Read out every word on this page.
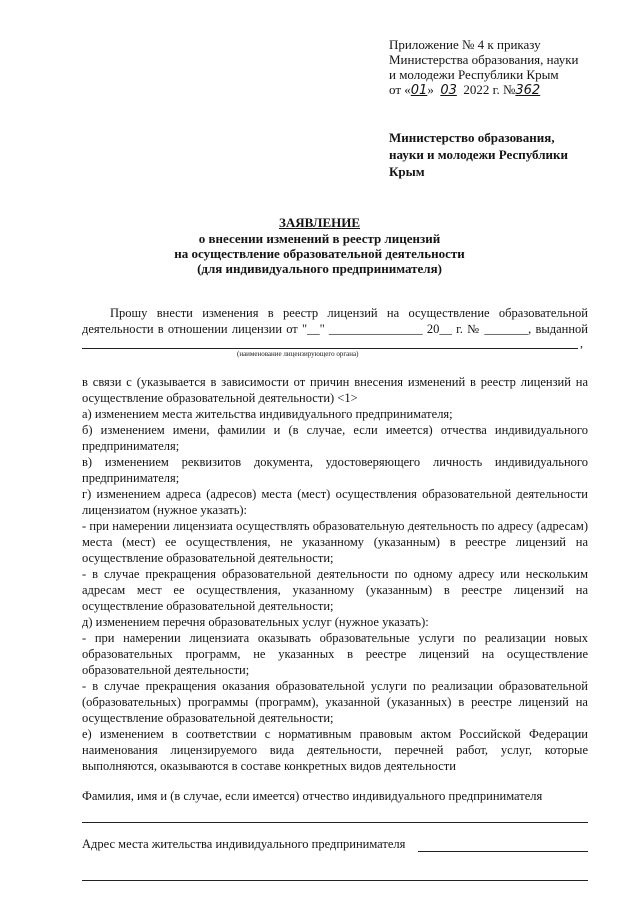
Приложение № 4 к приказу
Министерства образования, науки
и молодежи Республики Крым
от «01» 03 2022 г. №362
Министерство образования,
науки и молодежи Республики
Крым
ЗАЯВЛЕНИЕ
о внесении изменений в реестр лицензий
на осуществление образовательной деятельности
(для индивидуального предпринимателя)
Прошу внести изменения в реестр лицензий на осуществление образовательной
деятельности в отношении лицензии от "__" _______________ 20__ г. № _______, выданной
,
(наименование лицензирующего органа)
в связи с (указывается в зависимости от причин внесения изменений в реестр лицензий на
осуществление образовательной деятельности) <1>
а) изменением места жительства индивидуального предпринимателя;
б) изменением имени, фамилии и (в случае, если имеется) отчества индивидуального
предпринимателя;
в) изменением реквизитов документа, удостоверяющего личность индивидуального
предпринимателя;
г) изменением адреса (адресов) места (мест) осуществления образовательной деятельности
лицензиатом (нужное указать):
- при намерении лицензиата осуществлять образовательную деятельность по адресу (адресам)
места (мест) ее осуществления, не указанному (указанным) в реестре лицензий на
осуществление образовательной деятельности;
- в случае прекращения образовательной деятельности по одному адресу или нескольким
адресам мест ее осуществления, указанному (указанным) в реестре лицензий на
осуществление образовательной деятельности;
д) изменением перечня образовательных услуг (нужное указать):
- при намерении лицензиата оказывать образовательные услуги по реализации новых
образовательных программ, не указанных в реестре лицензий на осуществление
образовательной деятельности;
- в случае прекращения оказания образовательной услуги по реализации образовательной
(образовательных) программы (программ), указанной (указанных) в реестре лицензий на
осуществление образовательной деятельности;
е) изменением в соответствии с нормативным правовым актом Российской Федерации
наименования лицензируемого вида деятельности, перечней работ, услуг, которые
выполняются, оказываются в составе конкретных видов деятельности
Фамилия, имя и (в случае, если имеется) отчество индивидуального предпринимателя
Адрес места жительства индивидуального предпринимателя
